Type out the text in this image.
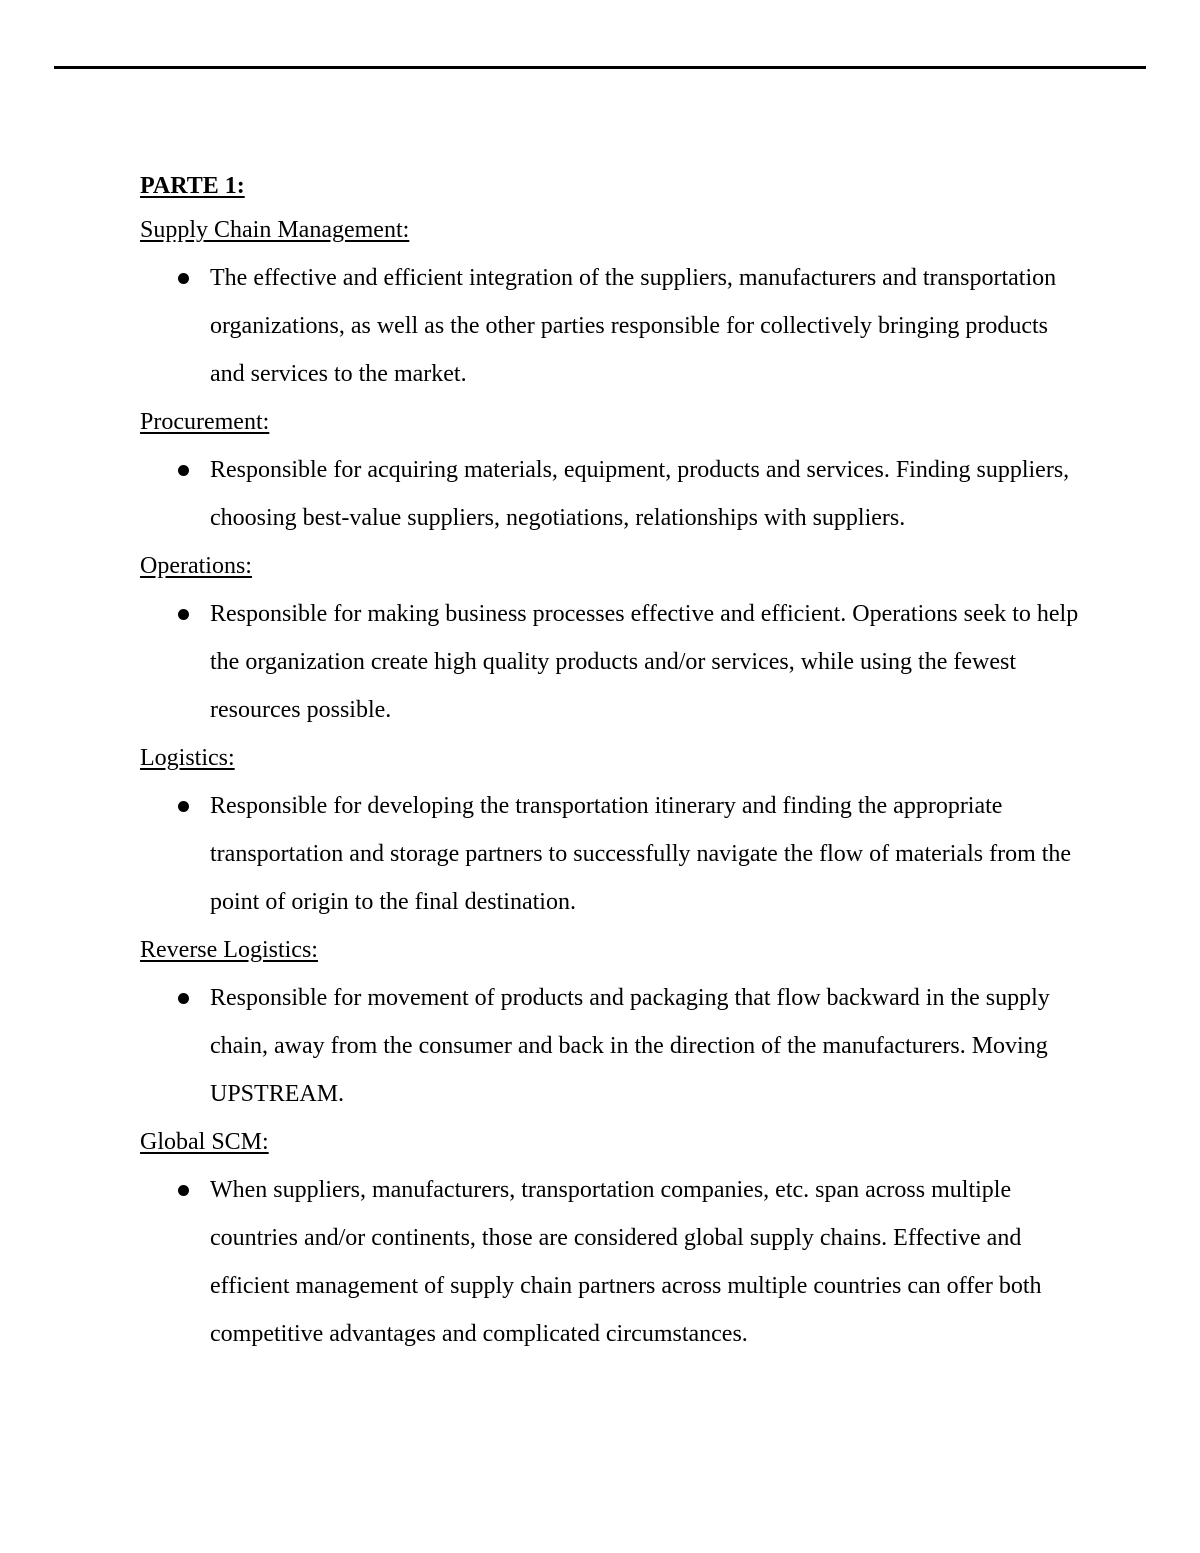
PARTE 1:

Supply Chain Management:

The effective and efficient integration of the suppliers, manufacturers and transportation organizations, as well as the other parties responsible for collectively bringing products and services to the market.

Procurement:

Responsible for acquiring materials, equipment, products and services. Finding suppliers, choosing best-value suppliers, negotiations, relationships with suppliers.

Operations:

Responsible for making business processes effective and efficient. Operations seek to help the organization create high quality products and/or services, while using the fewest resources possible.

Logistics:

Responsible for developing the transportation itinerary and finding the appropriate transportation and storage partners to successfully navigate the flow of materials from the point of origin to the final destination.

Reverse Logistics:

Responsible for movement of products and packaging that flow backward in the supply chain, away from the consumer and back in the direction of the manufacturers. Moving UPSTREAM.

Global SCM:

When suppliers, manufacturers, transportation companies, etc. span across multiple countries and/or continents, those are considered global supply chains. Effective and efficient management of supply chain partners across multiple countries can offer both competitive advantages and complicated circumstances.
